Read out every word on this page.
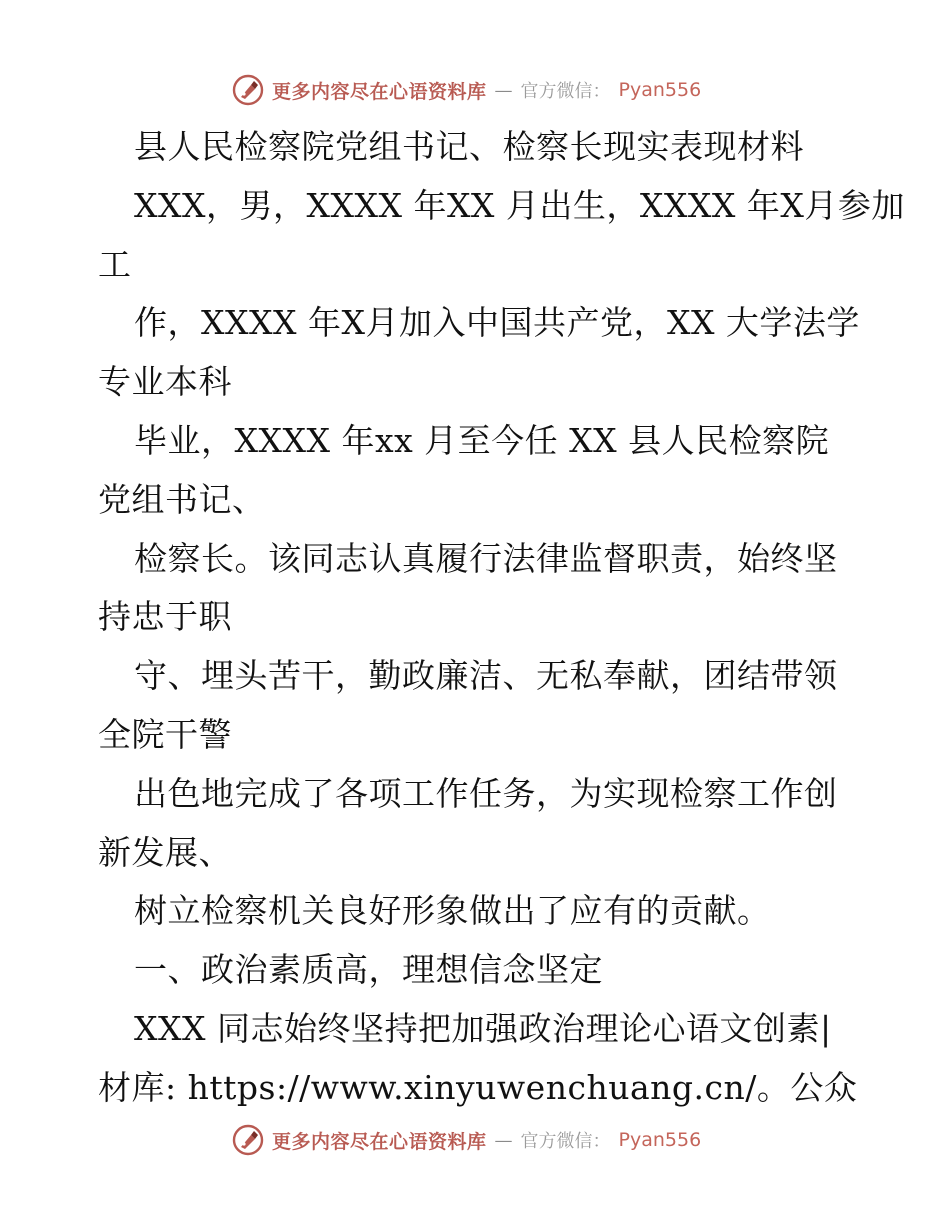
更多内容尽在心语资料库 — 官方微信： Pyan556
县人民检察院党组书记、检察长现实表现材料
XXX，男，XXXX 年XX 月出生，XXXX 年X月参加
工
作，XXXX 年X月加入中国共产党，XX 大学法学
专业本科
毕业，XXXX 年xx 月至今任 XX 县人民检察院
党组书记、
检察长。该同志认真履行法律监督职责，始终坚
持忠于职
守、埋头苦干，勤政廉洁、无私奉献，团结带领
全院干警
出色地完成了各项工作任务，为实现检察工作创
新发展、
树立检察机关良好形象做出了应有的贡献。
一、政治素质高，理想信念坚定
XXX 同志始终坚持把加强政治理论心语文创素|
材库: https://www.xinyuwenchuang.cn/。公众
更多内容尽在心语资料库 — 官方微信： Pyan556
